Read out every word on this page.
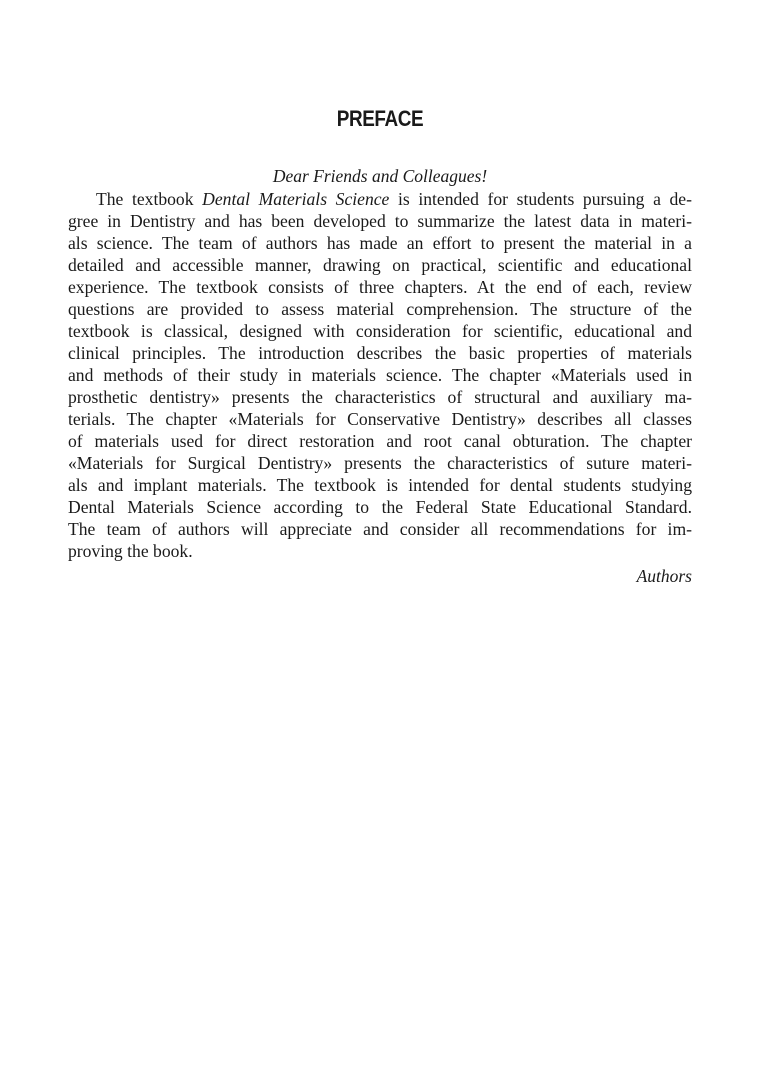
PREFACE
Dear Friends and Colleagues!
The textbook Dental Materials Science is intended for students pursuing a de-
gree in Dentistry and has been developed to summarize the latest data in materi-
als science. The team of authors has made an effort to present the material in a
detailed and accessible manner, drawing on practical, scientific and educational
experience. The textbook consists of three chapters. At the end of each, review
questions are provided to assess material comprehension. The structure of the
textbook is classical, designed with consideration for scientific, educational and
clinical principles. The introduction describes the basic properties of materials
and methods of their study in materials science. The chapter «Materials used in
prosthetic dentistry» presents the characteristics of structural and auxiliary ma-
terials. The chapter «Materials for Conservative Dentistry» describes all classes
of materials used for direct restoration and root canal obturation. The chapter
«Materials for Surgical Dentistry» presents the characteristics of suture materi-
als and implant materials. The textbook is intended for dental students studying
Dental Materials Science according to the Federal State Educational Standard.
The team of authors will appreciate and consider all recommendations for im-
proving the book.
Authors
